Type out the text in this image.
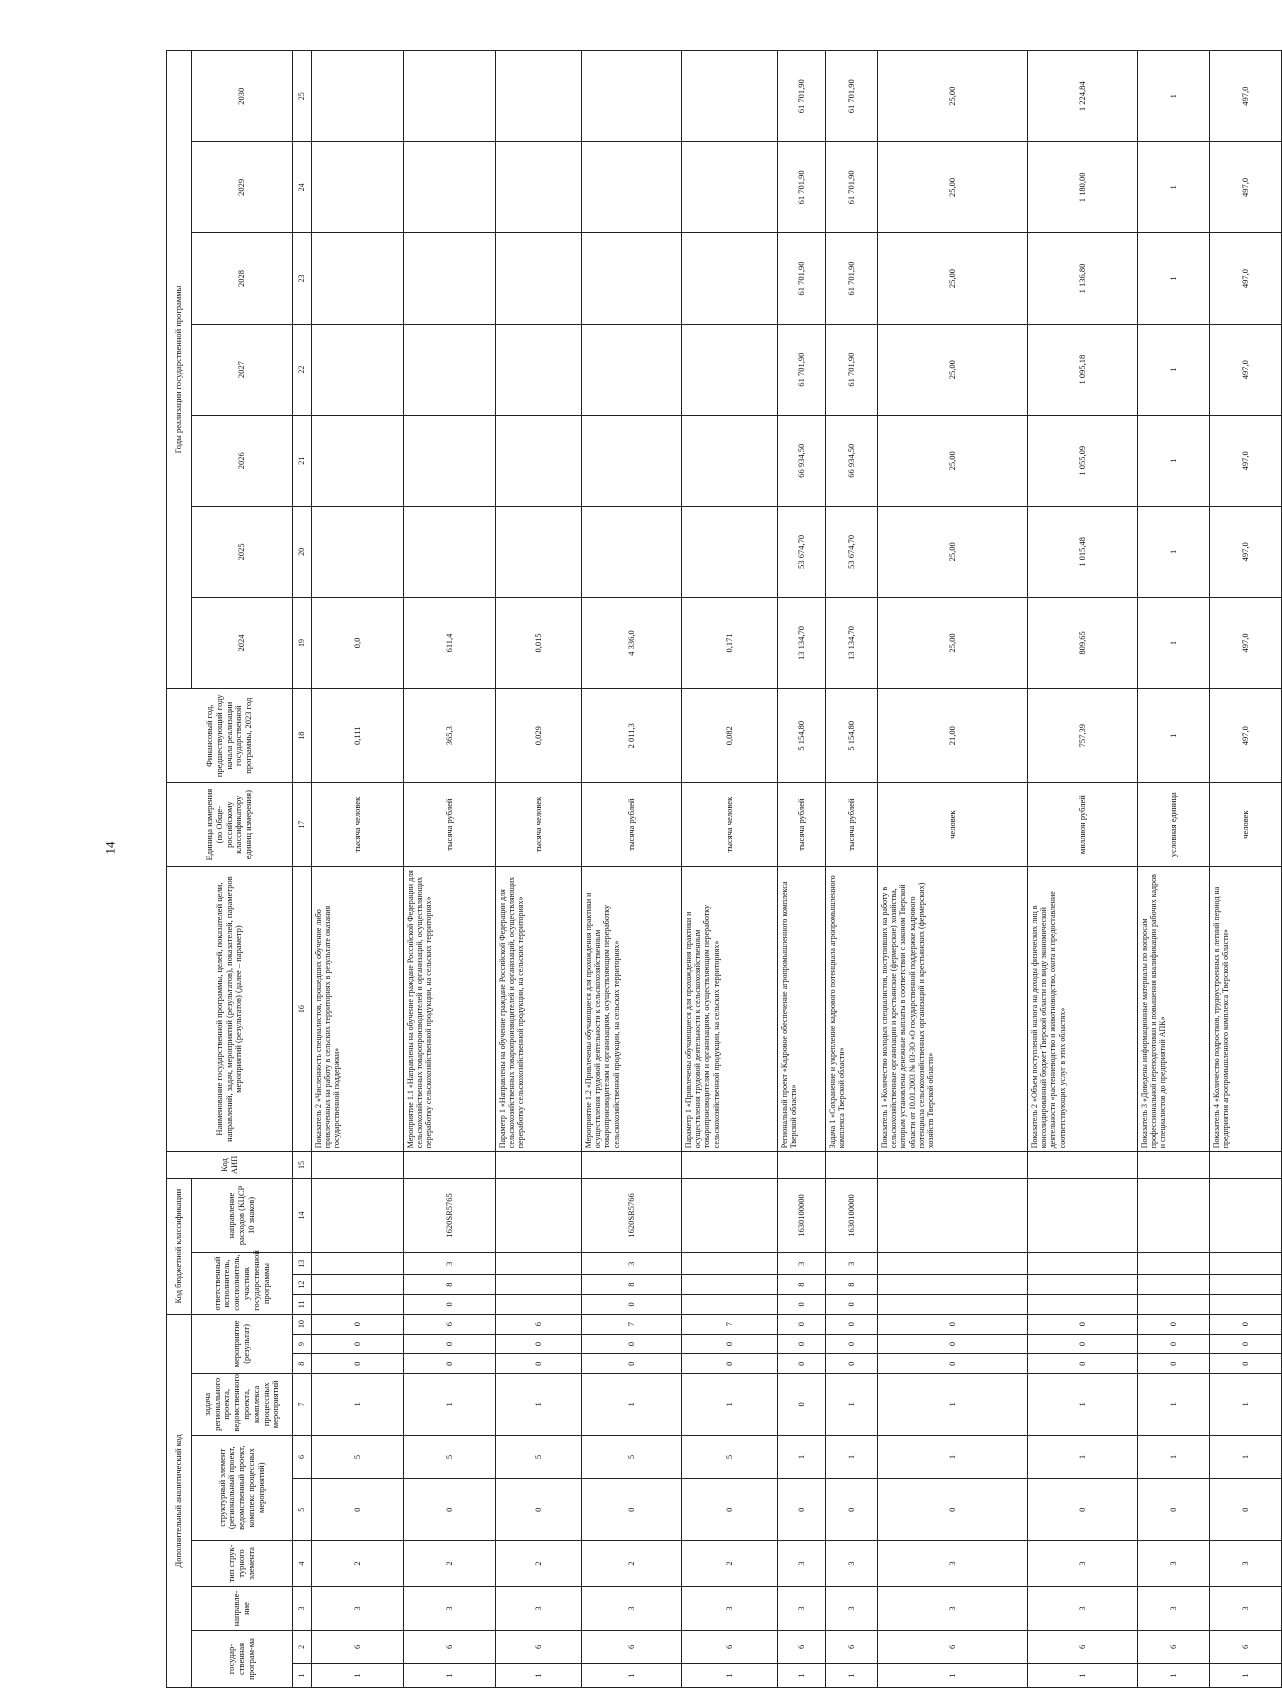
14
Дополнительный аналитический код										Код бюджетной классификации				Код АИП	Наименование государственной программы, целей, показателей цели, направлений, задач, мероприятий (результатов), показателей, параметров мероприятий (результатов) (далее – параметр)	Единица измерения (по Обще-российскому классификатору единиц измерения)	Финансовый год, предшествующий году начала реализации государственной программы, 2023 год	Годы реализации государственной программы						
государ-ственная програм-ма		направле-ние	тип струк-турного элемента	структурный элемент (региональный проект, ведомственный проект, комплекс процессных мероприятий)		задача регионального проекта, ведомственного проекта, комплекса процессных мероприятий	мероприятие (результат)			ответственный исполнитель, соисполнитель, участник государственной программы			направление расходов (КЦСР 10 знаков)					2024	2025	2026	2027	2028	2029	2030
1	2	3	4	5	6	7	8	9	10	11	12	13	14	15	16	17	18	19	20	21	22	23	24	25
1	6	3	2	0	5	1	0	0	0						Показатель 2 «Численность специалистов, прошедших обучение либо привлеченных на работу в сельских территориях в результате оказания государственной поддержки»	тысяча человек	0,111	0,0						
1	6	3	2	0	5	1	0	0	6	0	8	3	1620SR5765		Мероприятие 1.1 «Направлены на обучение граждане Российской Федерации для сельскохозяйственных товаропроизводителей и организаций, осуществляющих переработку сельскохозяйственной продукции, на сельских территориях»	тысяча рублей	365,3	611,4						
1	6	3	2	0	5	1	0	0	6						Параметр 1 «Направлены на обучение граждане Российской Федерации для сельскохозяйственных товаропроизводителей и организаций, осуществляющих переработку сельскохозяйственной продукции, на сельских территориях»	тысяча человек	0,029	0,015						
1	6	3	2	0	5	1	0	0	7	0	8	3	1620SR5766		Мероприятие 1.2 «Привлечены обучающиеся для прохождения практики и осуществления трудовой деятельности к сельскохозяйственным товаропроизводителям и организациям, осуществляющим переработку сельскохозяйственной продукции, на сельских территориях»	тысяча рублей	2 011,3	4 336,0						
1	6	3	2	0	5	1	0	0	7						Параметр 1 «Привлечены обучающиеся для прохождения практики и осуществления трудовой деятельности к сельскохозяйственным товаропроизводителям и организациям, осуществляющим переработку сельскохозяйственной продукции, на сельских территориях»	тысяча человек	0,082	0,171						
1	6	3	3	0	1	0	0	0	0	0	8	3	1630100000		Региональный проект «Кадровое обеспечение агропромышленного комплекса Тверской области»	тысяча рублей	5 154,80	13 134,70	53 674,70	66 934,50	61 701,90	61 701,90	61 701,90	61 701,90
1	6	3	3	0	1	1	0	0	0	0	8	3	1630100000		Задача 1 «Сохранение и укрепление кадрового потенциала агропромышленного комплекса Тверской области»	тысяча рублей	5 154,80	13 134,70	53 674,70	66 934,50	61 701,90	61 701,90	61 701,90	61 701,90
1	6	3	3	0	1	1	0	0	0						Показатель 1 «Количество молодых специалистов, поступивших на работу в сельскохозяйственные организации и крестьянские (фермерские) хозяйства, которым установлены денежные выплаты в соответствии с законом Тверской области от 10.01.2003 № 03-ЗО «О государственной поддержке кадрового потенциала сельскохозяйственных организаций и крестьянских (фермерских) хозяйств Тверской области»	человек	21,00	25,00	25,00	25,00	25,00	25,00	25,00	25,00
1	6	3	3	0	1	1	0	0	0						Показатель 2 «Объем поступлений налога на доходы физических лиц в консолидированный бюджет Тверской области по виду экономической деятельности «растениеводство и животноводство, охота и предоставление соответствующих услуг в этих областях»	миллион рублей	757,39	809,65	1 015,48	1 055,09	1 095,18	1 136,80	1 180,00	1 224,84
1	6	3	3	0	1	1	0	0	0						Показатель 3 «Доведены информационные материалы по вопросам профессиональной переподготовки и повышения квалификации рабочих кадров и специалистов до предприятий АПК»	условная единица	1	1	1	1	1	1	1	1
1	6	3	3	0	1	1	0	0	0						Показатель 4 «Количество подростков, трудоустроенных в летний период на предприятия агропромышленного комплекса Тверской области»	человек	497,0	497,0	497,0	497,0	497,0	497,0	497,0	497,0
